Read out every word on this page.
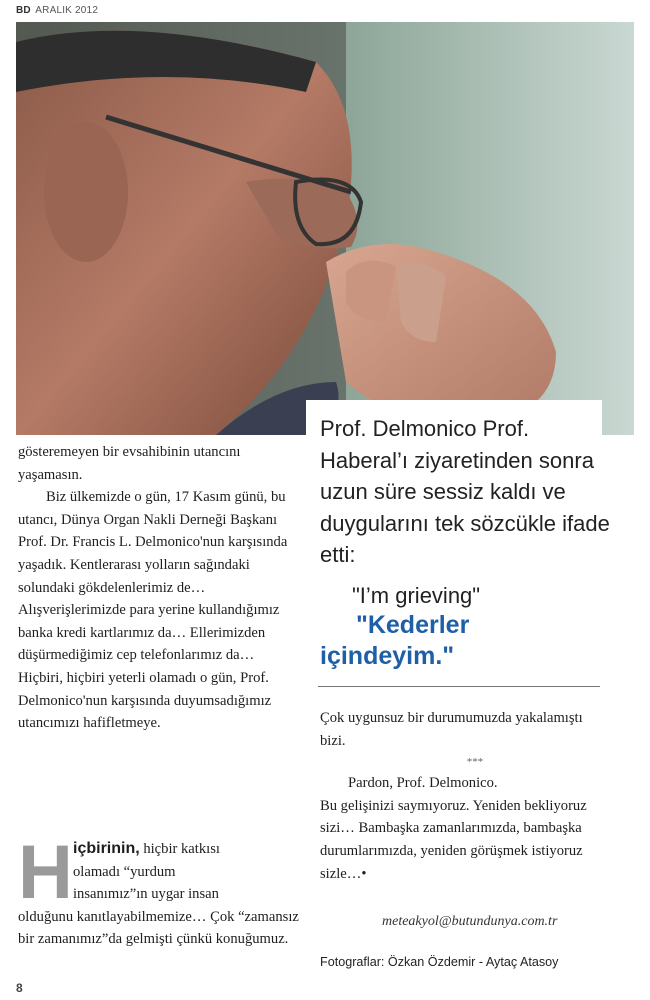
BD ARALIK 2012
Prof. Delmonico Prof. Haberal’ı ziyaretinden sonra uzun süre sessiz kaldı ve duygularını tek sözcükle ifade etti:
"I’m grieving"
"Kederler
içindeyim."

gösteremeyen bir evsahibinin utancını yaşamasın.

Biz ülkemizde o gün, 17 Kasım günü, bu utancı, Dünya Organ Nakli Derneği Başkanı Prof. Dr. Francis L. Delmonico'nun karşısında yaşadık. Kentlerarası yolların sağındaki solundaki gökdelenlerimiz de… Alışverişlerimizde para yerine kullandığımız banka kredi kartlarımız da… Ellerimizden düşürmediğimiz cep telefonlarımız da…

Hiçbiri, hiçbiri yeterli olamadı o gün, Prof. Delmonico'nun karşısında duyumsadığımız utancımızı hafifletmeye.

H içbirinin, hiçbir katkısı
olamadı “yurdum
insanımız”ın uygar insan
olduğunu kanıtlayabilmemize… Çok “zamansız bir zamanımız”da gelmişti çünkü konuğumuz.

Çok uygunsuz bir durumumuzda yakalamıştı bizi.

***

Pardon, Prof. Delmonico.

Bu gelişinizi saymıyoruz. Yeniden bekliyoruz sizi… Bambaşka zamanlarımızda, bambaşka durumlarımızda, yeniden görüşmek istiyoruz sizle…•

meteakyol@butundunya.com.tr
Fotograflar: Özkan Özdemir - Aytaç Atasoy
8
